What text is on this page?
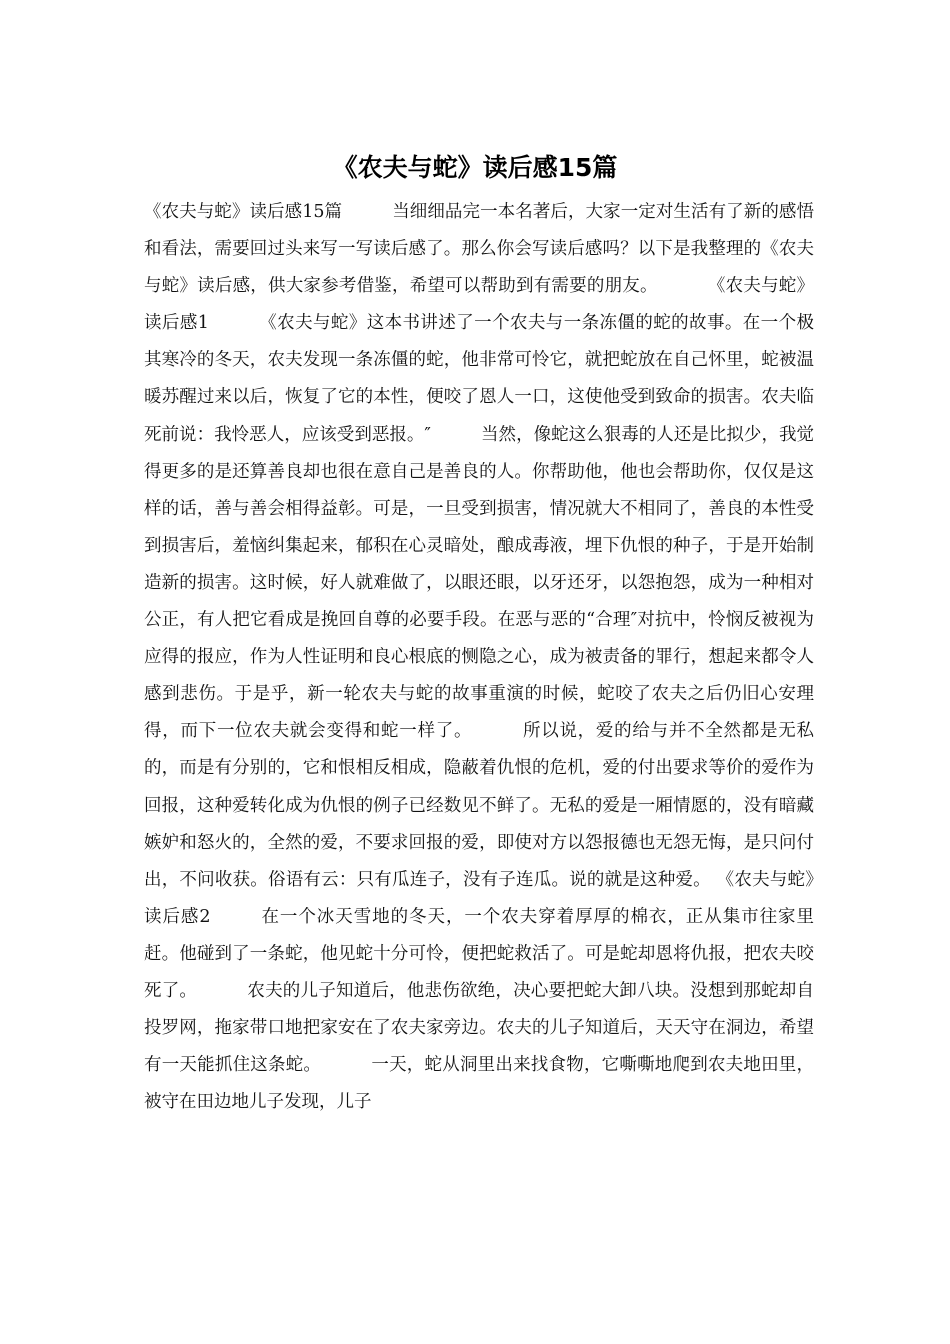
《农夫与蛇》读后感15篇

《农夫与蛇》读后感15篇	当细细品完一本名著后，大家一定对生活有了新的感悟和看法，需要回过头来写一写读后感了。那么你会写读后感吗？以下是我整理的《农夫与蛇》读后感，供大家参考借鉴，希望可以帮助到有需要的朋友。	《农夫与蛇》读后感1	《农夫与蛇》这本书讲述了一个农夫与一条冻僵的蛇的故事。在一个极其寒冷的冬天，农夫发现一条冻僵的蛇，他非常可怜它，就把蛇放在自己怀里，蛇被温暖苏醒过来以后，恢复了它的本性，便咬了恩人一口，这使他受到致命的损害。农夫临死前说：我怜恶人，应该受到恶报。″	当然，像蛇这么狠毒的人还是比拟少，我觉得更多的是还算善良却也很在意自己是善良的人。你帮助他，他也会帮助你，仅仅是这样的话，善与善会相得益彰。可是，一旦受到损害，情况就大不相同了，善良的本性受到损害后，羞恼纠集起来，郁积在心灵暗处，酿成毒液，埋下仇恨的种子，于是开始制造新的损害。这时候，好人就难做了，以眼还眼，以牙还牙，以怨抱怨，成为一种相对公正，有人把它看成是挽回自尊的必要手段。在恶与恶的“合理″对抗中，怜悯反被视为应得的报应，作为人性证明和良心根底的恻隐之心，成为被责备的罪行，想起来都令人感到悲伤。于是乎，新一轮农夫与蛇的故事重演的时候，蛇咬了农夫之后仍旧心安理得，而下一位农夫就会变得和蛇一样了。	所以说，爱的给与并不全然都是无私的，而是有分别的，它和恨相反相成，隐蔽着仇恨的危机，爱的付出要求等价的爱作为回报，这种爱转化成为仇恨的例子已经数见不鲜了。无私的爱是一厢情愿的，没有暗藏嫉妒和怒火的，全然的爱，不要求回报的爱，即使对方以怨报德也无怨无悔，是只问付出，不问收获。俗语有云：只有瓜连子，没有子连瓜。说的就是这种爱。 《农夫与蛇》读后感2	在一个冰天雪地的冬天，一个农夫穿着厚厚的棉衣，正从集市往家里赶。他碰到了一条蛇，他见蛇十分可怜，便把蛇救活了。可是蛇却恩将仇报，把农夫咬死了。	农夫的儿子知道后，他悲伤欲绝，决心要把蛇大卸八块。没想到那蛇却自投罗网，拖家带口地把家安在了农夫家旁边。农夫的儿子知道后，天天守在洞边，希望有一天能抓住这条蛇。	一天，蛇从洞里出来找食物，它嘶嘶地爬到农夫地田里，被守在田边地儿子发现，儿子
